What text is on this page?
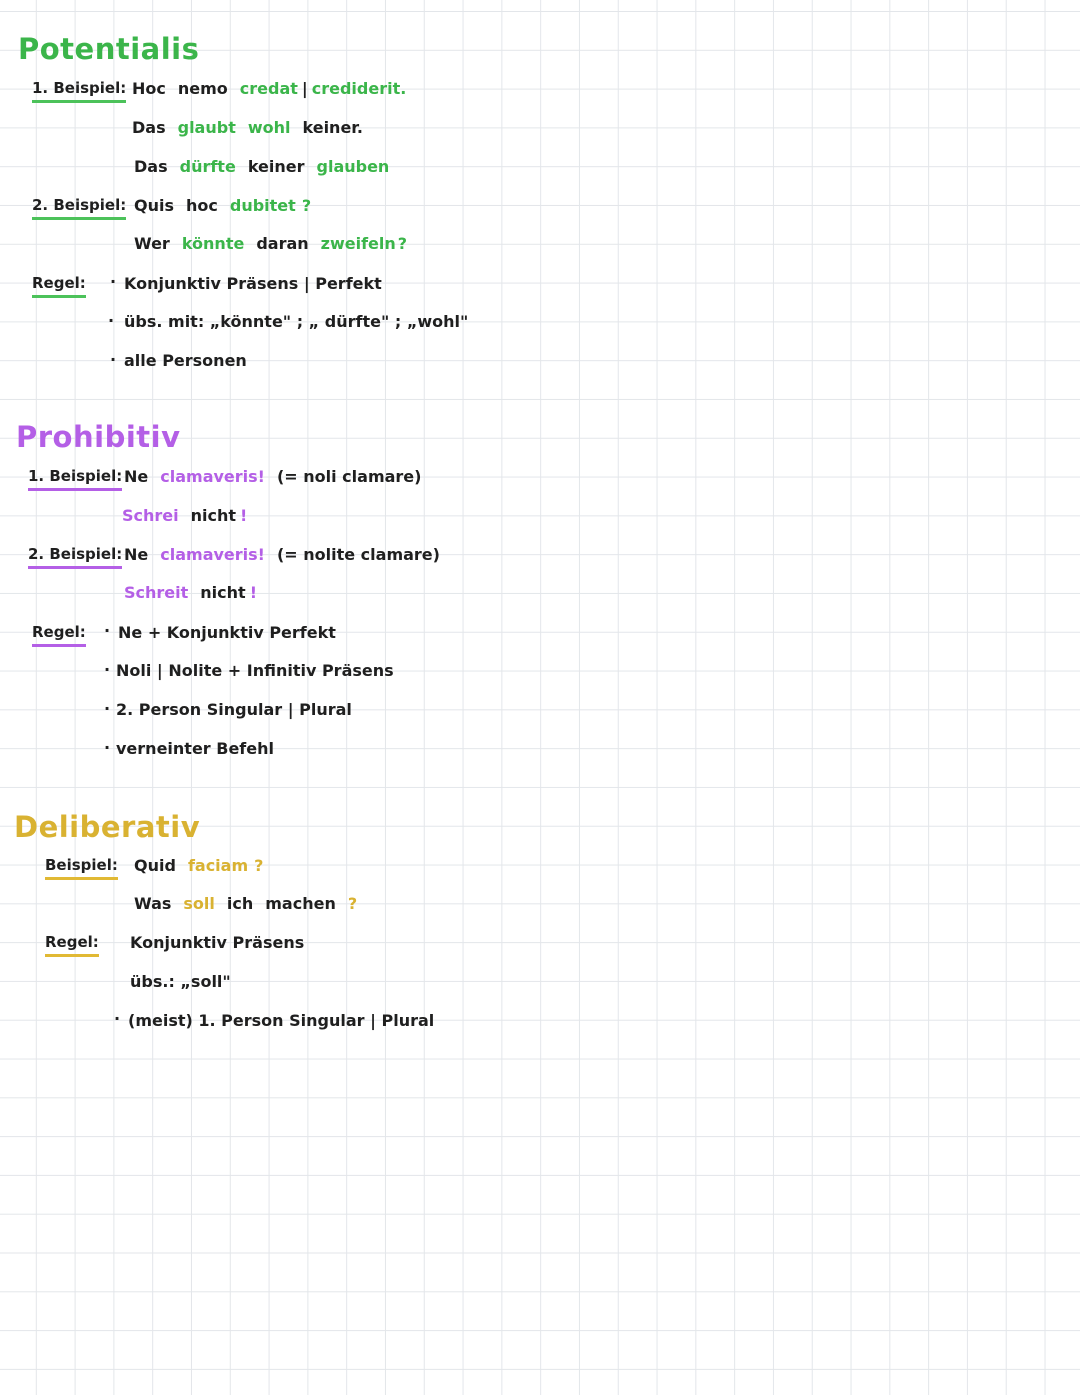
Potentialis
1. Beispiel: Hoc nemo credat | crediderit.
Das glaubt wohl keiner.
Das dürfte keiner glauben
2. Beispiel: Quis hoc dubitet ?
Wer könnte daran zweifeln ?
Regel: · Konjunktiv Präsens | Perfekt
· übs. mit: „könnte" ; „ dürfte" ; „wohl"
· alle Personen
Prohibitiv
1. Beispiel: Ne clamaveris! (= noli clamare)
Schrei nicht !
2. Beispiel: Ne clamaveris! (= nolite clamare)
Schreit nicht !
Regel: · Ne + Konjunktiv Perfekt
· Noli | Nolite + Infinitiv Präsens
· 2. Person Singular | Plural
· verneinter Befehl
Deliberativ
Beispiel: Quid faciam ?
Was soll ich machen ?
Regel: Konjunktiv Präsens
übs.: „soll"
· (meist) 1. Person Singular | Plural
